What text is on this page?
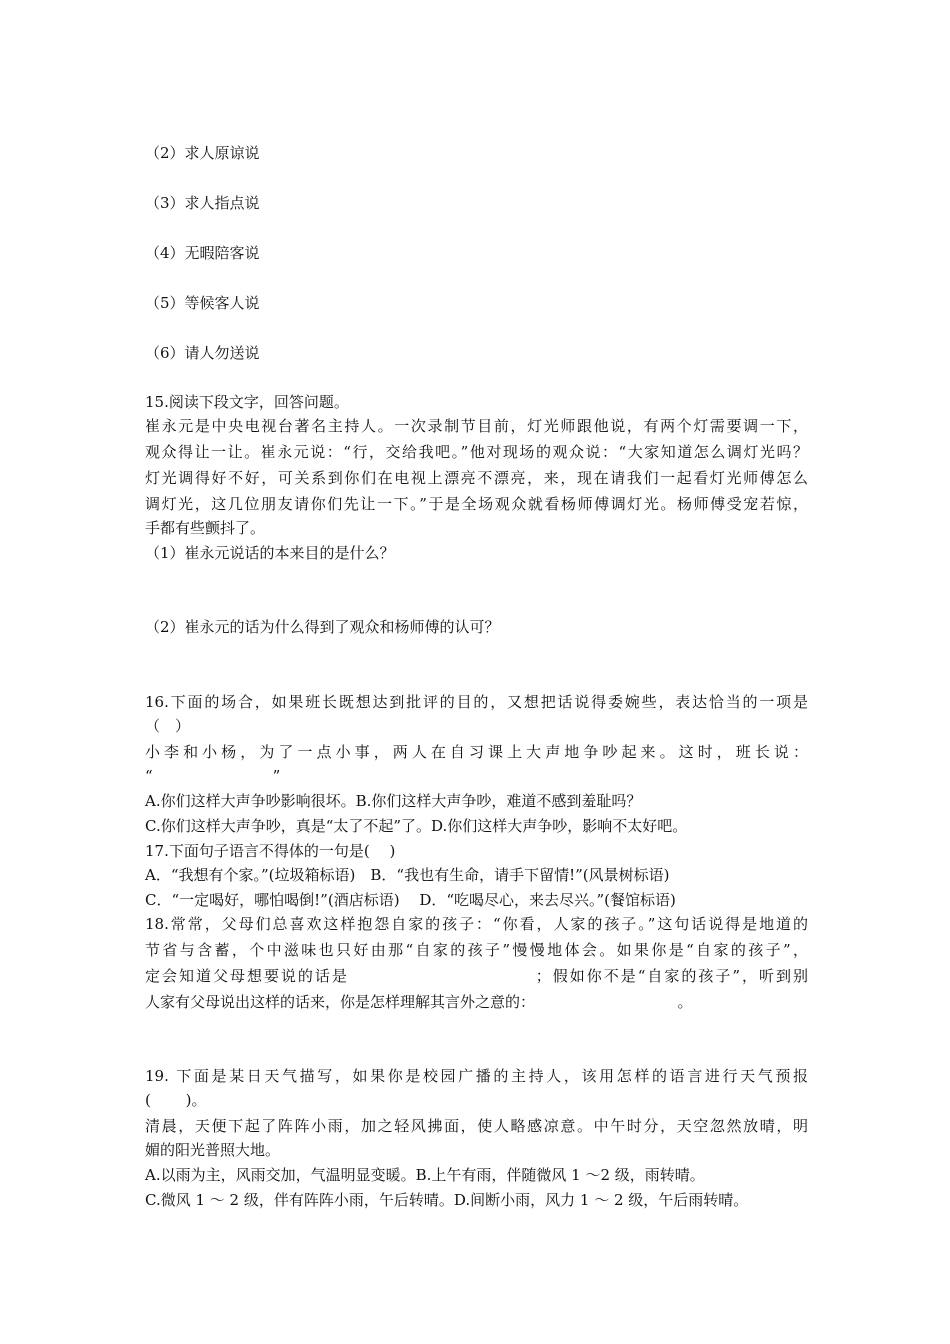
（2）求人原谅说
（3）求人指点说
（4）无暇陪客说
（5）等候客人说
（6）请人勿送说
15.阅读下段文字，回答问题。
崔永元是中央电视台著名主持人。一次录制节目前，灯光师跟他说，有两个灯需要调一下，
观众得让一让。崔永元说：“行，交给我吧。”他对现场的观众说：“大家知道怎么调灯光吗？
灯光调得好不好，可关系到你们在电视上漂亮不漂亮，来，现在请我们一起看灯光师傅怎么
调灯光，这几位朋友请你们先让一下。”于是全场观众就看杨师傅调灯光。杨师傅受宠若惊，
手都有些颤抖了。
（1）崔永元说话的本来目的是什么？
（2）崔永元的话为什么得到了观众和杨师傅的认可？
16.下面的场合，如果班长既想达到批评的目的，又想把话说得委婉些，表达恰当的一项是
（　）
小李和小杨，为了一点小事，两人在自习课上大声地争吵起来。这时，班长说：
“　　　　　　　　”
A.你们这样大声争吵影响很坏。B.你们这样大声争吵，难道不感到羞耻吗？
C.你们这样大声争吵，真是“太了不起”了。D.你们这样大声争吵，影响不太好吧。
17.下面句子语言不得体的一句是(　 )
A．“我想有个家。”(垃圾箱标语)　B．“我也有生命，请手下留情!”(风景树标语)
C．“一定喝好，哪怕喝倒!”(酒店标语)　 D．“吃喝尽心，来去尽兴。”(餐馆标语)
18.常常，父母们总喜欢这样抱怨自家的孩子：“你看，人家的孩子。”这句话说得是地道的
节省与含蓄，个中滋味也只好由那“自家的孩子”慢慢地体会。如果你是“自家的孩子”，
定会知道父母想要说的话是　　　　　　　　　　　；假如你不是“自家的孩子”，听到别
人家有父母说出这样的话来，你是怎样理解其言外之意的：　　　　　　　　　　。
19. 下面是某日天气描写，如果你是校园广播的主持人，该用怎样的语言进行天气预报
(　　 )。
清晨，天便下起了阵阵小雨，加之轻风拂面，使人略感凉意。中午时分，天空忽然放晴，明
媚的阳光普照大地。
A.以雨为主，风雨交加，气温明显变暖。B.上午有雨，伴随微风 1 ～2 级，雨转晴。
C.微风 1 ～ 2 级，伴有阵阵小雨，午后转晴。D.间断小雨，风力 1 ～ 2 级，午后雨转晴。
